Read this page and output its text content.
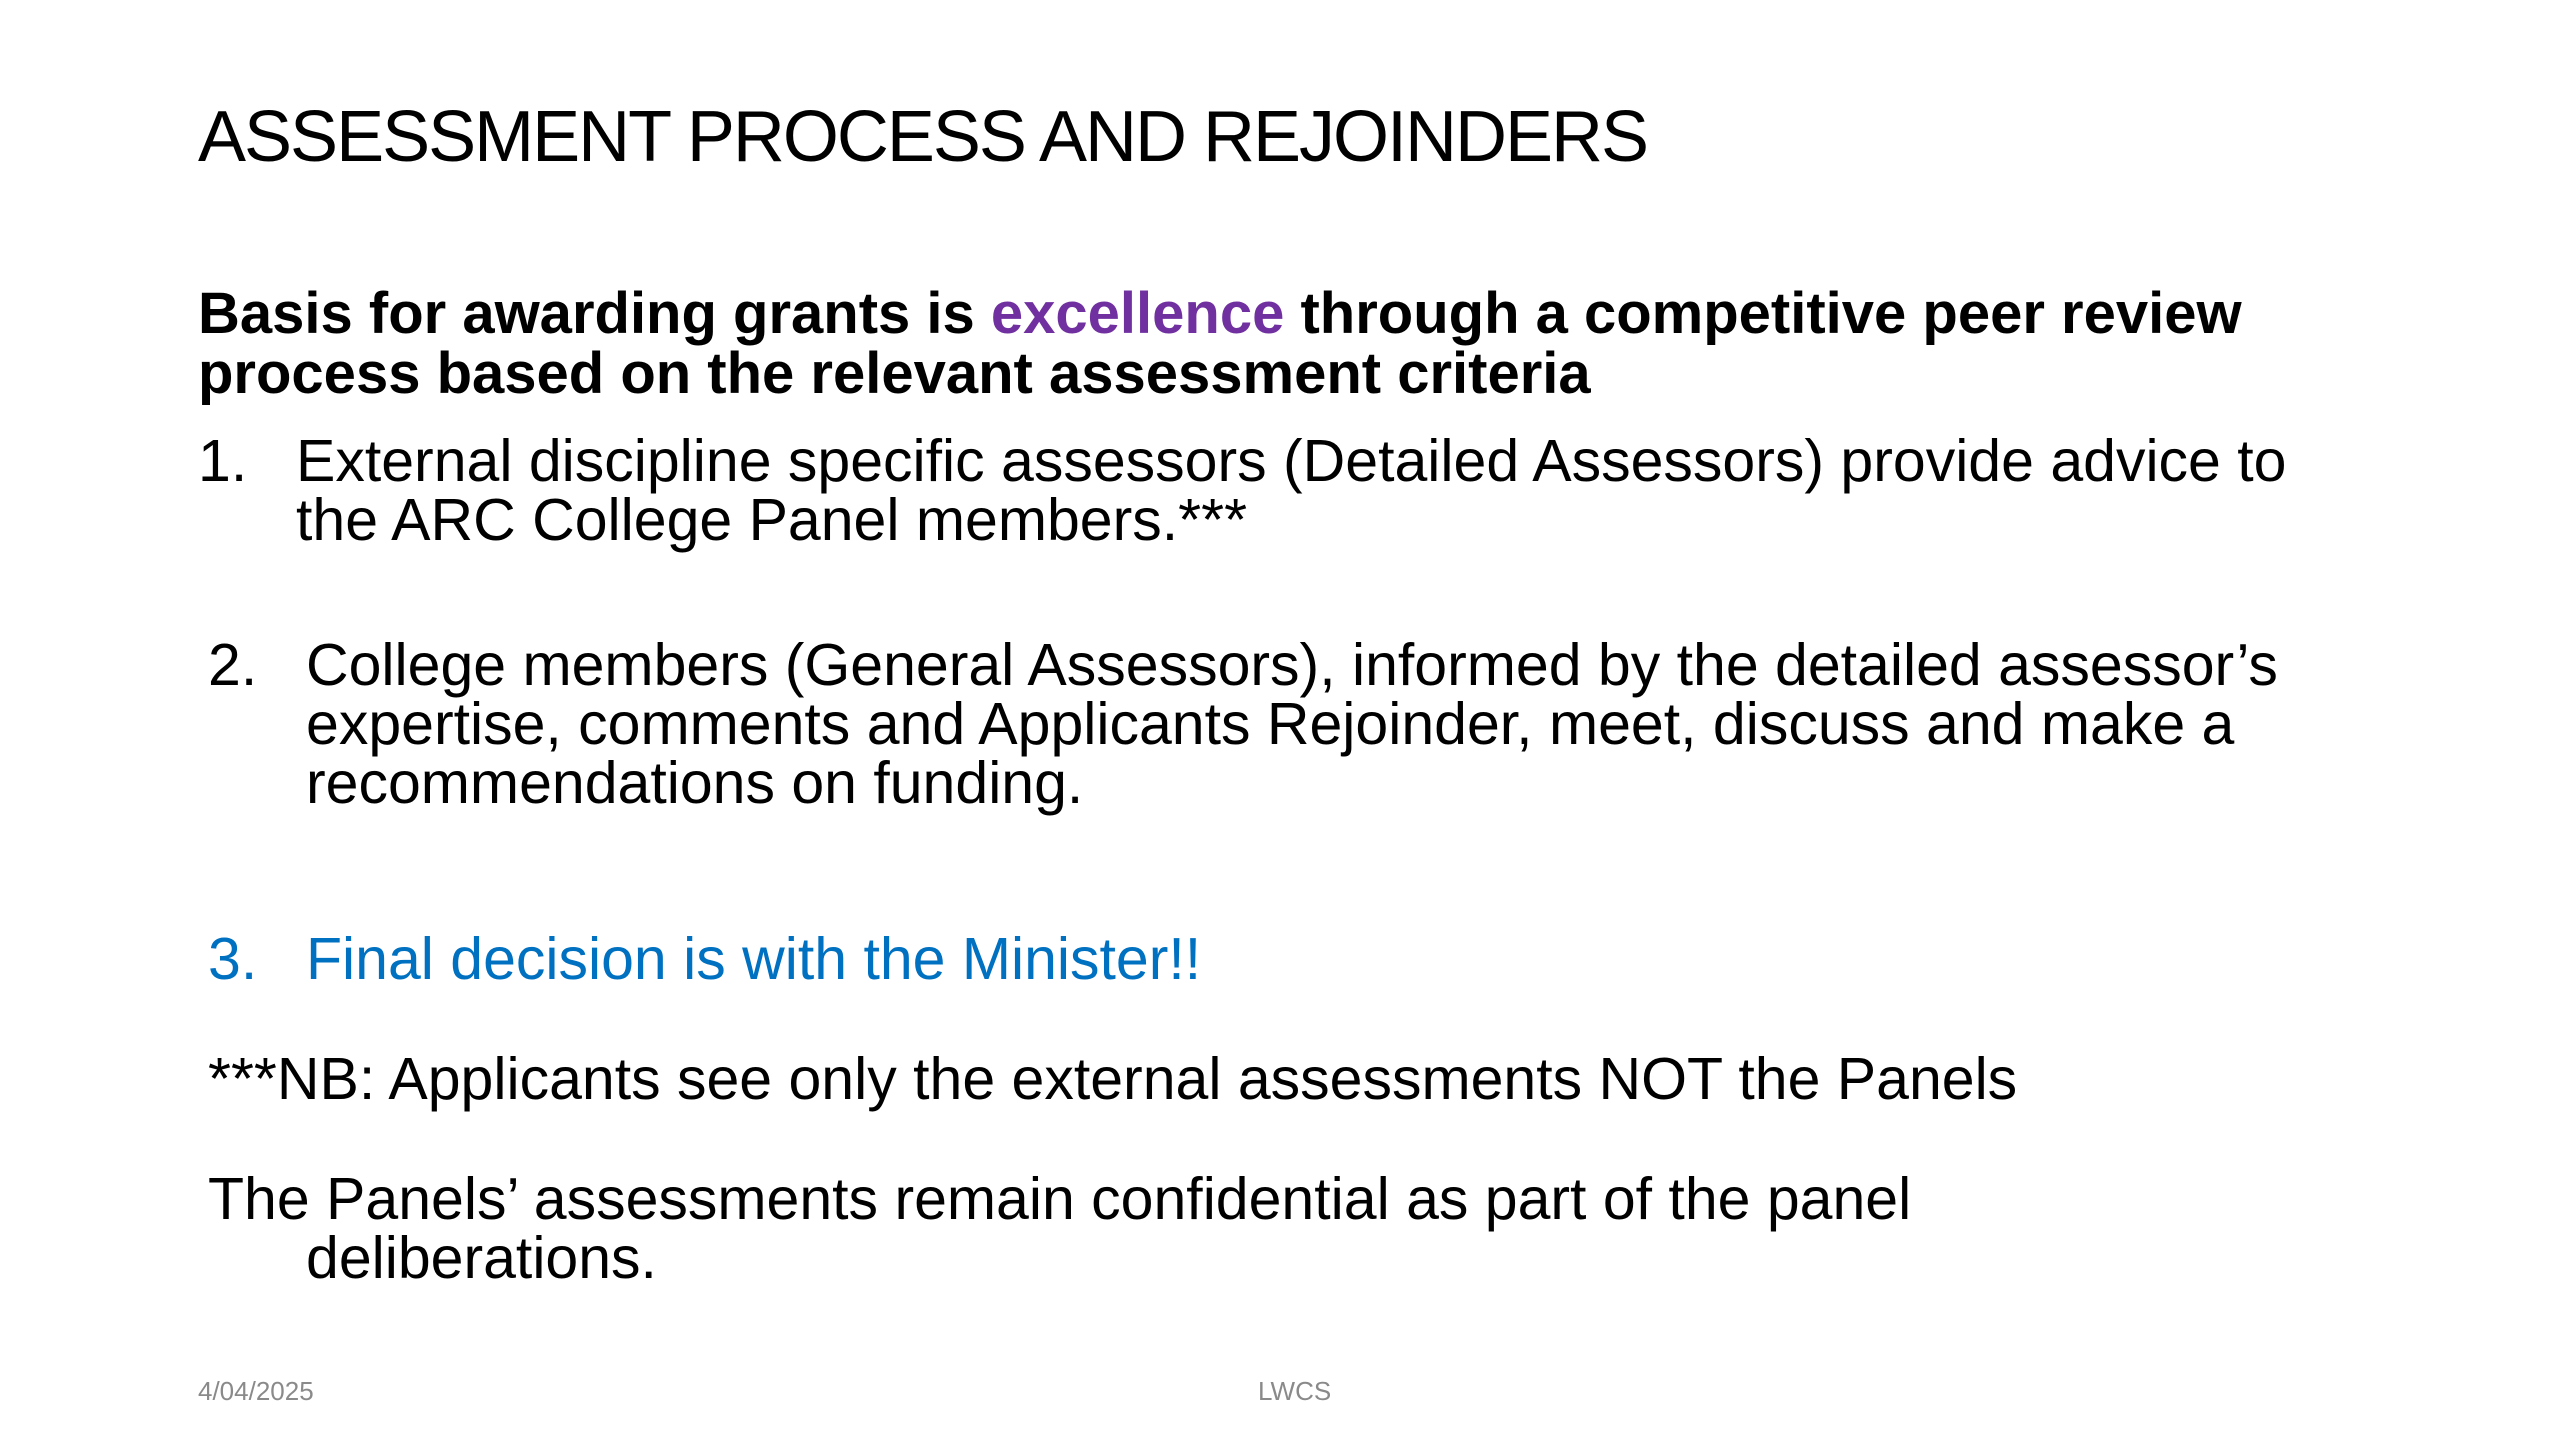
ASSESSMENT PROCESS AND REJOINDERS
Basis for awarding grants is excellence through a competitive peer review process based on the relevant assessment criteria
1. External discipline specific assessors (Detailed Assessors) provide advice to the ARC College Panel members.***
2. College members (General Assessors), informed by the detailed assessor’s expertise, comments and Applicants Rejoinder, meet, discuss and make a recommendations on funding.
3. Final decision is with the Minister!!
***NB: Applicants see only the external assessments NOT the Panels
The Panels’ assessments remain confidential as part of the panel
deliberations.
4/04/2025	LWCS
